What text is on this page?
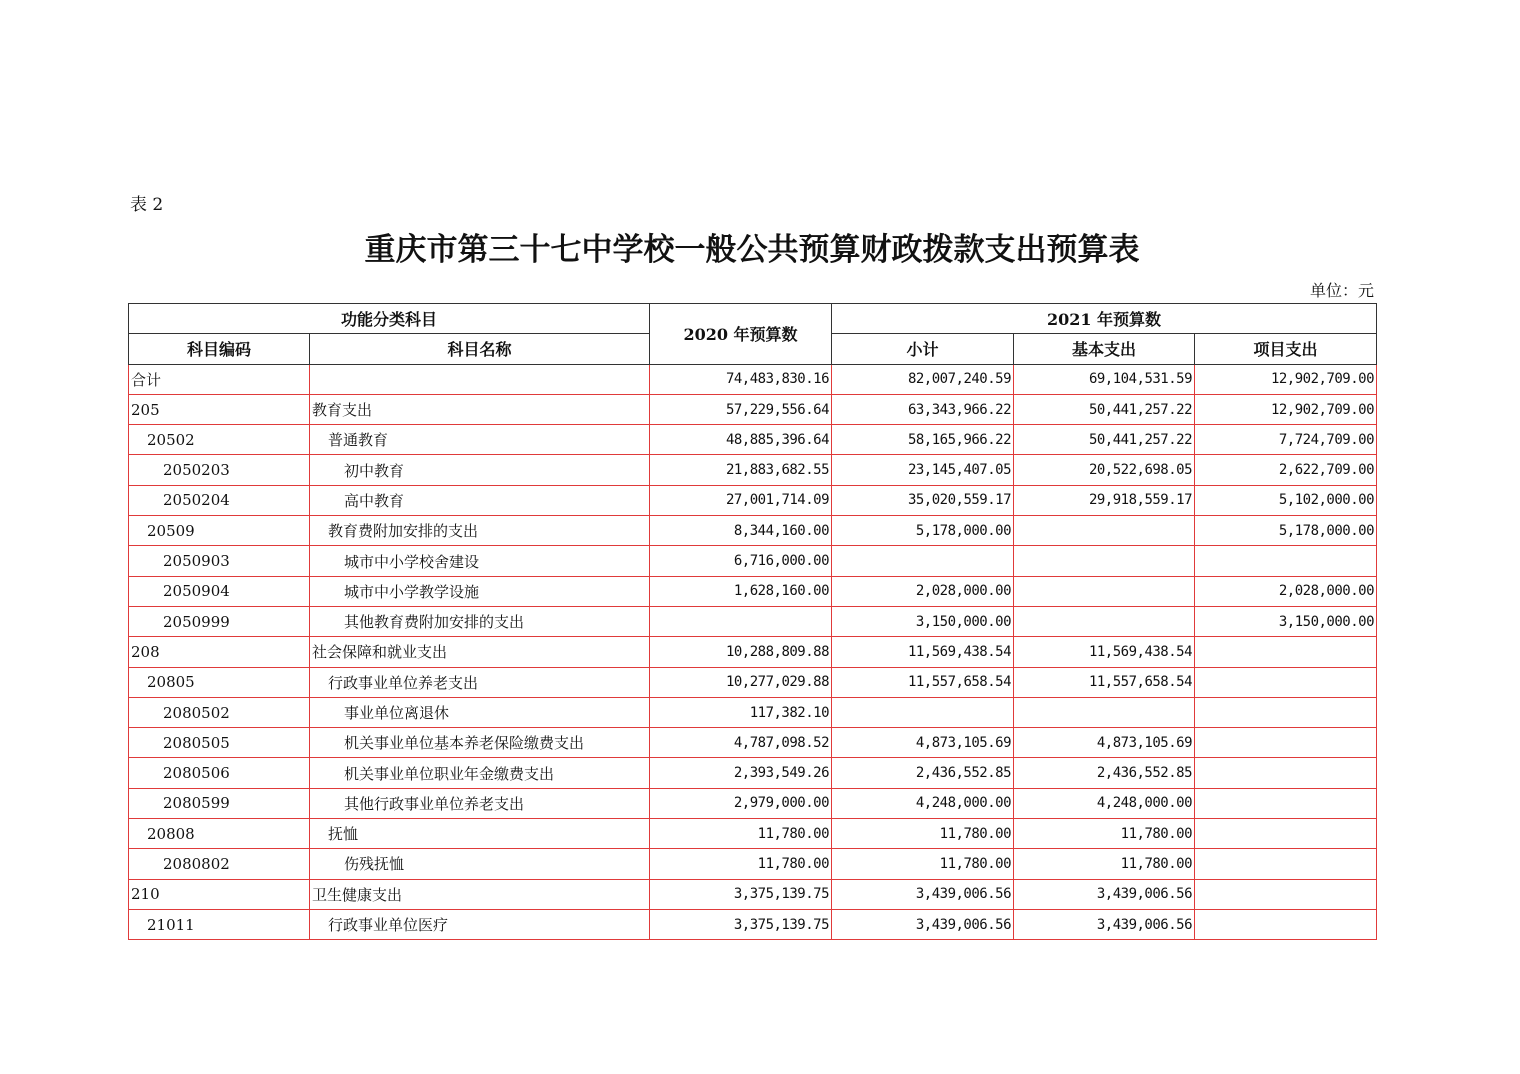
表 2
重庆市第三十七中学校一般公共预算财政拨款支出预算表
单位：元
功能分类科目		2020 年预算数	2021 年预算数		
科目编码	科目名称		小计	基本支出	项目支出
合计		74,483,830.16	82,007,240.59	69,104,531.59	12,902,709.00
205	教育支出	57,229,556.64	63,343,966.22	50,441,257.22	12,902,709.00
20502	普通教育	48,885,396.64	58,165,966.22	50,441,257.22	7,724,709.00
2050203	初中教育	21,883,682.55	23,145,407.05	20,522,698.05	2,622,709.00
2050204	高中教育	27,001,714.09	35,020,559.17	29,918,559.17	5,102,000.00
20509	教育费附加安排的支出	8,344,160.00	5,178,000.00		5,178,000.00
2050903	城市中小学校舍建设	6,716,000.00			
2050904	城市中小学教学设施	1,628,160.00	2,028,000.00		2,028,000.00
2050999	其他教育费附加安排的支出		3,150,000.00		3,150,000.00
208	社会保障和就业支出	10,288,809.88	11,569,438.54	11,569,438.54	
20805	行政事业单位养老支出	10,277,029.88	11,557,658.54	11,557,658.54	
2080502	事业单位离退休	117,382.10			
2080505	机关事业单位基本养老保险缴费支出	4,787,098.52	4,873,105.69	4,873,105.69	
2080506	机关事业单位职业年金缴费支出	2,393,549.26	2,436,552.85	2,436,552.85	
2080599	其他行政事业单位养老支出	2,979,000.00	4,248,000.00	4,248,000.00	
20808	抚恤	11,780.00	11,780.00	11,780.00	
2080802	伤残抚恤	11,780.00	11,780.00	11,780.00	
210	卫生健康支出	3,375,139.75	3,439,006.56	3,439,006.56	
21011	行政事业单位医疗	3,375,139.75	3,439,006.56	3,439,006.56	
